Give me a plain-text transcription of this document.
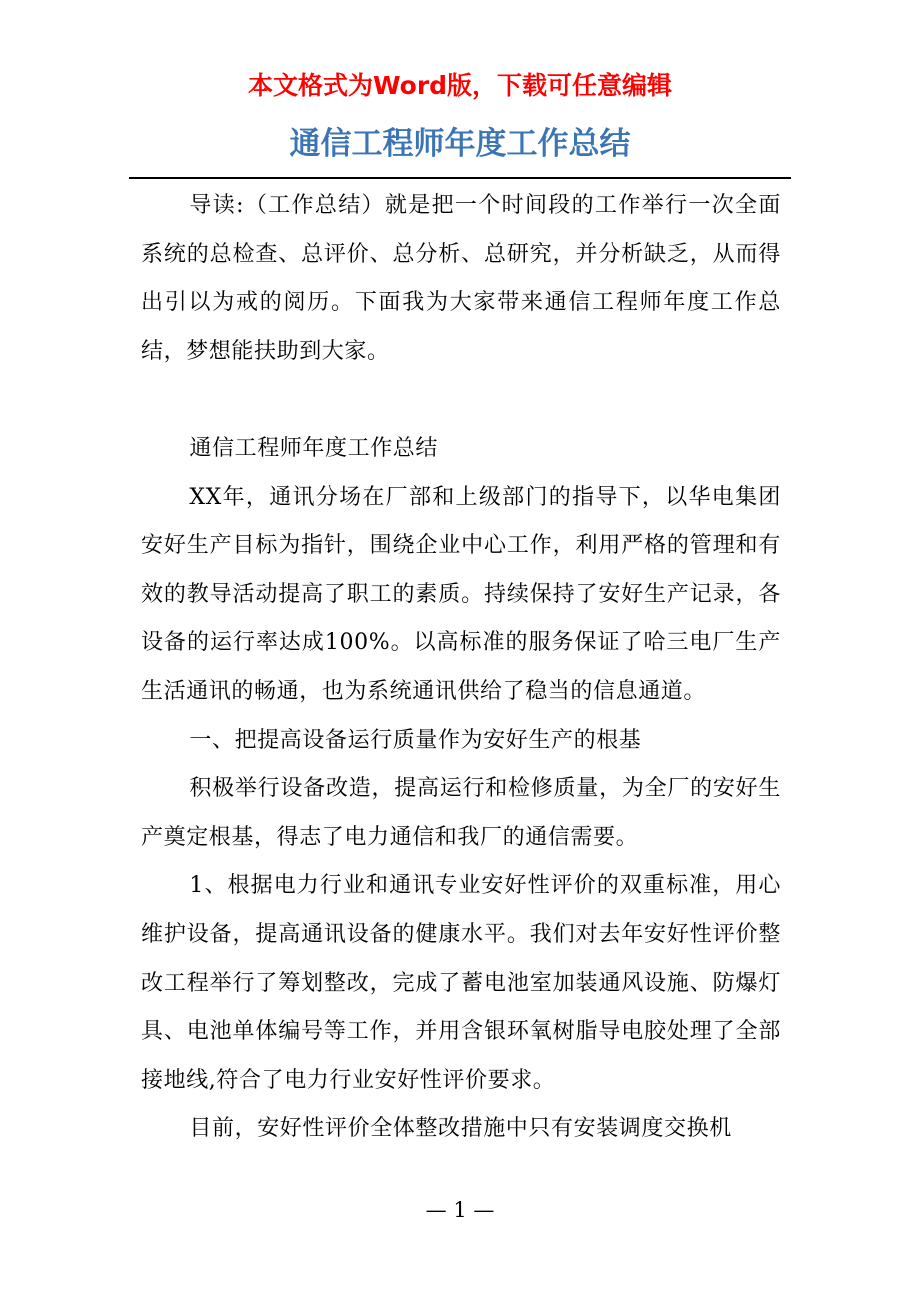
本文格式为Word版，下载可任意编辑
通信工程师年度工作总结

导读:（工作总结）就是把一个时间段的工作举行一次全面系统的总检查、总评价、总分析、总研究，并分析缺乏，从而得出引以为戒的阅历。下面我为大家带来通信工程师年度工作总结，梦想能扶助到大家。

通信工程师年度工作总结

XX年，通讯分场在厂部和上级部门的指导下，以华电集团安好生产目标为指针，围绕企业中心工作，利用严格的管理和有效的教导活动提高了职工的素质。持续保持了安好生产记录，各设备的运行率达成100%。以高标准的服务保证了哈三电厂生产生活通讯的畅通，也为系统通讯供给了稳当的信息通道。

一、把提高设备运行质量作为安好生产的根基

积极举行设备改造，提高运行和检修质量，为全厂的安好生产奠定根基，得志了电力通信和我厂的通信需要。

1、根据电力行业和通讯专业安好性评价的双重标准，用心维护设备，提高通讯设备的健康水平。我们对去年安好性评价整改工程举行了筹划整改，完成了蓄电池室加装通风设施、防爆灯具、电池单体编号等工作，并用含银环氧树脂导电胶处理了全部接地线,符合了电力行业安好性评价要求。

目前，安好性评价全体整改措施中只有安装调度交换机

— 1 —
